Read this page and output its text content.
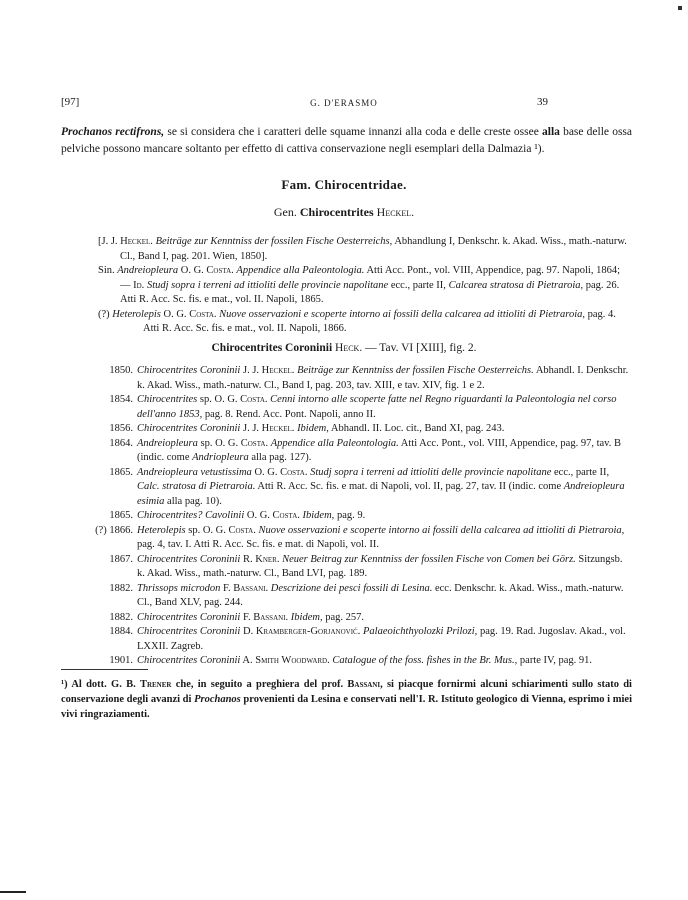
[97]	G. D'ERASMO	39
Prochanos rectifrons, se si considera che i caratteri delle squame innanzi alla coda e delle creste ossee alla base delle ossa pelviche possono mancare soltanto per effetto di cattiva conservazione negli esemplari della Dalmazia ¹).
Fam. Chirocentridae.
Gen. Chirocentrites Heckel.

[J. J. Heckel. Beiträge zur Kenntniss der fossilen Fische Oesterreichs, Abhandlung I, Denkschr. k. Akad. Wiss., math.-naturw. Cl., Band I, pag. 201. Wien, 1850].

Sin. Andreiopleura O. G. Costa. Appendice alla Paleontologia. Atti Acc. Pont., vol. VIII, Appendice, pag. 97. Napoli, 1864; — Id. Studj sopra i terreni ad ittioliti delle provincie napolitane ecc., parte II, Calcarea stratosa di Pietraroia, pag. 26. Atti R. Acc. Sc. fis. e mat., vol. II. Napoli, 1865.

(?) Heterolepis O. G. Costa. Nuove osservazioni e scoperte intorno ai fossili della calcarea ad ittioliti di Pietraroia, pag. 4. Atti R. Acc. Sc. fis. e mat., vol. II. Napoli, 1866.

Chirocentrites Coroninii Heck. — Tav. VI [XIII], fig. 2.
1850. Chirocentrites Coroninii J. J. Heckel. Beiträge zur Kenntniss der fossilen Fische Oesterreichs. Abhandl. I. Denkschr. k. Akad. Wiss., math.-naturw. Cl., Band I, pag. 203, tav. XIII, e tav. XIV, fig. 1 e 2.
1854. Chirocentrites sp. O. G. Costa. Cenni intorno alle scoperte fatte nel Regno riguardanti la Paleontologia nel corso dell'anno 1853, pag. 8. Rend. Acc. Pont. Napoli, anno II.
1856. Chirocentrites Coroninii J. J. Heckel. Ibidem, Abhandl. II. Loc. cit., Band XI, pag. 243.
1864. Andreiopleura sp. O. G. Costa. Appendice alla Paleontologia. Atti Acc. Pont., vol. VIII, Appendice, pag. 97, tav. B (indic. come Andriopleura alla pag. 127).
1865. Andreiopleura vetustissima O. G. Costa. Studj sopra i terreni ad ittioliti delle provincie napolitane ecc., parte II, Calc. stratosa di Pietraroia. Atti R. Acc. Sc. fis. e mat. di Napoli, vol. II, pag. 27, tav. II (indic. come Andreiopleura esimia alla pag. 10).
1865. Chirocentrites? Cavolinii O. G. Costa. Ibidem, pag. 9.
(?) 1866. Heterolepis sp. O. G. Costa. Nuove osservazioni e scoperte intorno ai fossili della calcarea ad ittioliti di Pietraroia, pag. 4, tav. I. Atti R. Acc. Sc. fis. e mat. di Napoli, vol. II.
1867. Chirocentrites Coroninii R. Kner. Neuer Beitrag zur Kenntniss der fossilen Fische von Comen bei Görz. Sitzungsb. k. Akad. Wiss., math.-naturw. Cl., Band LVI, pag. 189.
1882. Thrissops microdon F. Bassani. Descrizione dei pesci fossili di Lesina. ecc. Denkschr. k. Akad. Wiss., math.-naturw. Cl., Band XLV, pag. 244.
1882. Chirocentrites Coroninii F. Bassani. Ibidem, pag. 257.
1884. Chirocentrites Coroninii D. Kramberger-Gorjanović. Palaeoichthyolozki Prilozi, pag. 19. Rad. Jugoslav. Akad., vol. LXXII. Zagreb.
1901. Chirocentrites Coroninii A. Smith Woodward. Catalogue of the foss. fishes in the Br. Mus., parte IV, pag. 91.
¹) Al dott. G. B. Trener che, in seguito a preghiera del prof. Bassani, si piacque fornirmi alcuni schiarimenti sullo stato di conservazione degli avanzi di Prochanos provenienti da Lesina e conservati nell'I. R. Istituto geologico di Vienna, esprimo i miei vivi ringraziamenti.
